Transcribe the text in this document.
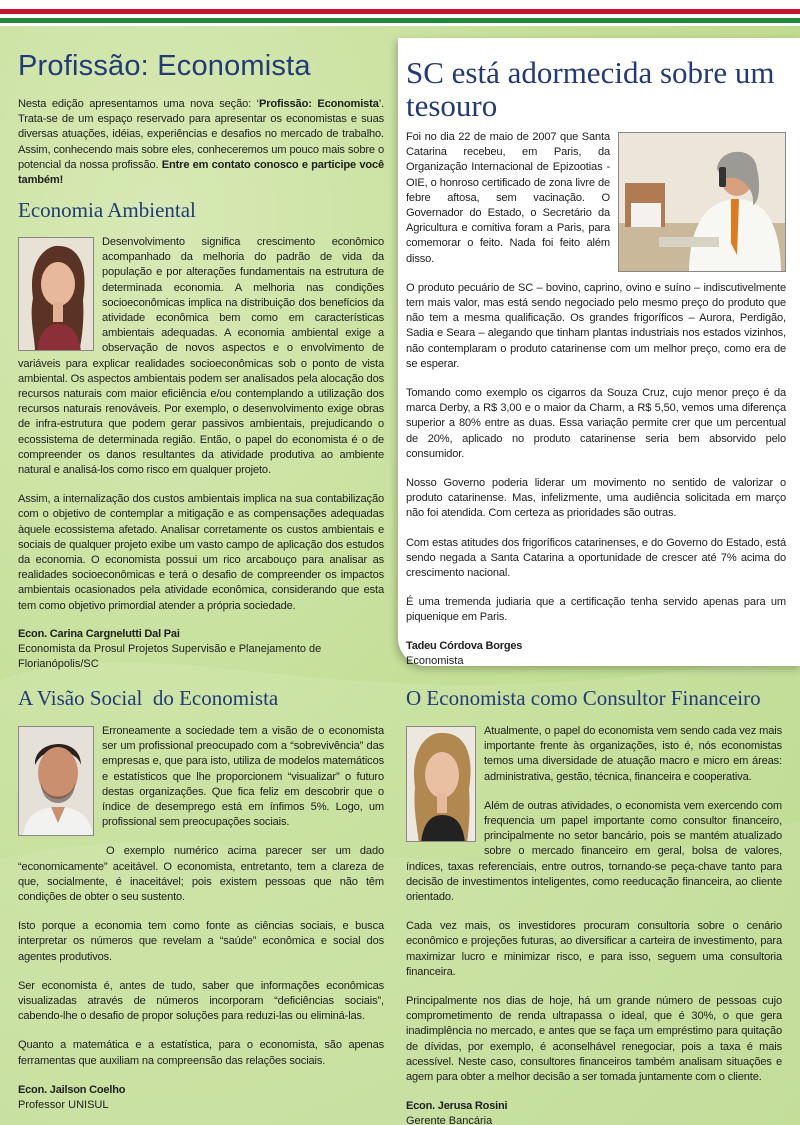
Profissão: Economista
Nesta edição apresentamos uma nova seção: ‘Profissão: Economista’. Trata-se de um espaço reservado para apresentar os economistas e suas diversas atuações, idéias, experiências e desafios no mercado de trabalho. Assim, conhecendo mais sobre eles, conheceremos um pouco mais sobre o potencial da nossa profissão. Entre em contato conosco e participe você também!
Economia Ambiental

Desenvolvimento significa crescimento econômico acompanhado da melhoria do padrão de vida da população e por alterações fundamentais na estrutura de determinada economia. A melhoria nas condições socioeconômicas implica na distribuição dos benefícios da atividade econômica bem como em características ambientais adequadas. A economia ambiental exige a observação de novos aspectos e o envolvimento de variáveis para explicar realidades socioeconômicas sob o ponto de vista ambiental. Os aspectos ambientais podem ser analisados pela alocação dos recursos naturais com maior eficiência e/ou contemplando a utilização dos recursos naturais renováveis. Por exemplo, o desenvolvimento exige obras de infra-estrutura que podem gerar passivos ambientais, prejudicando o ecossistema de determinada região. Então, o papel do economista é o de compreender os danos resultantes da atividade produtiva ao ambiente natural e analisá-los como risco em qualquer projeto.

Assim, a internalização dos custos ambientais implica na sua contabilização com o objetivo de contemplar a mitigação e as compensações adequadas àquele ecossistema afetado. Analisar corretamente os custos ambientais e sociais de qualquer projeto exibe um vasto campo de aplicação dos estudos da economia. O economista possui um rico arcabouço para analisar as realidades socioeconômicas e terá o desafio de compreender os impactos ambientais ocasionados pela atividade econômica, considerando que esta tem como objetivo primordial atender a própria sociedade.

Econ. Carina Cargnelutti Dal Pai
Economista da Prosul Projetos Supervisão e Planejamento de Florianópolis/SC
SC está adormecida sobre um tesouro

Foi no dia 22 de maio de 2007 que Santa Catarina recebeu, em Paris, da Organização Internacional de Epizootias - OIE, o honroso certificado de zona livre de febre aftosa, sem vacinação. O Governador do Estado, o Secretário da Agricultura e comitiva foram a Paris, para comemorar o feito. Nada foi feito além disso.

O produto pecuário de SC – bovino, caprino, ovino e suíno – indiscutivelmente tem mais valor, mas está sendo negociado pelo mesmo preço do produto que não tem a mesma qualificação. Os grandes frigoríficos – Aurora, Perdigão, Sadia e Seara – alegando que tinham plantas industriais nos estados vizinhos, não contemplaram o produto catarinense com um melhor preço, como era de se esperar.

Tomando como exemplo os cigarros da Souza Cruz, cujo menor preço é da marca Derby, a R$ 3,00 e o maior da Charm, a R$ 5,50, vemos uma diferença superior a 80% entre as duas. Essa variação permite crer que um percentual de 20%, aplicado no produto catarinense seria bem absorvido pelo consumidor.

Nosso Governo poderia liderar um movimento no sentido de valorizar o produto catarinense. Mas, infelizmente, uma audiência solicitada em março não foi atendida. Com certeza as prioridades são outras.

Com estas atitudes dos frigoríficos catarinenses, e do Governo do Estado, está sendo negada a Santa Catarina a oportunidade de crescer até 7% acima do crescimento nacional.

É uma tremenda judiaria que a certificação tenha servido apenas para um piquenique em Paris.

Tadeu Córdova Borges
Economista
A Visão Social  do Economista

Erroneamente a sociedade tem a visão de o economista ser um profissional preocupado com a “sobrevivência” das empresas e, que para isto, utiliza de modelos matemáticos e estatísticos que lhe proporcionem “visualizar” o futuro destas organizações. Que fica feliz em descobrir que o índice de desemprego está em ínfimos 5%. Logo, um profissional sem preocupações sociais.

O exemplo numérico acima parecer ser um dado “economicamente” aceitável. O economista, entretanto, tem a clareza de que, socialmente, é inaceitável; pois existem pessoas que não têm condições de obter o seu sustento.

Isto porque a economia tem como fonte as ciências sociais, e busca interpretar os números que revelam a “saúde” econômica e social dos agentes produtivos.

Ser economista é, antes de tudo, saber que informações econômicas visualizadas através de números incorporam “deficiências sociais”, cabendo-lhe o desafio de propor soluções para reduzi-las ou eliminá-las.

Quanto a matemática e a estatística, para o economista, são apenas ferramentas que auxiliam na compreensão das relações sociais.

Econ. Jailson Coelho
Professor UNISUL
O Economista como Consultor Financeiro

Atualmente, o papel do economista vem sendo cada vez mais importante frente às organizações, isto é, nós economistas temos uma diversidade de atuação macro e micro em áreas: administrativa, gestão, técnica, financeira e cooperativa.

Além de outras atividades, o economista vem exercendo com frequencia um papel importante como consultor financeiro, principalmente no setor bancário, pois se mantém atualizado sobre o mercado financeiro em geral, bolsa de valores, índices, taxas referenciais, entre outros, tornando-se peça-chave tanto para decisão de investimentos inteligentes, como reeducação financeira, ao cliente orientado.

Cada vez mais, os investidores procuram consultoria sobre o cenário econômico e projeções futuras, ao diversificar a carteira de investimento, para maximizar lucro e minimizar risco, e para isso, seguem uma consultoria financeira.

Principalmente nos dias de hoje, há um grande número de pessoas cujo comprometimento de renda ultrapassa o ideal, que é 30%, o que gera inadimplência no mercado, e antes que se faça um empréstimo para quitação de dívidas, por exemplo, é aconselhável renegociar, pois a taxa é mais acessível. Neste caso, consultores financeiros também analisam situações e agem para obter a melhor decisão a ser tomada juntamente com o cliente.

Econ. Jerusa Rosini
Gerente Bancária
